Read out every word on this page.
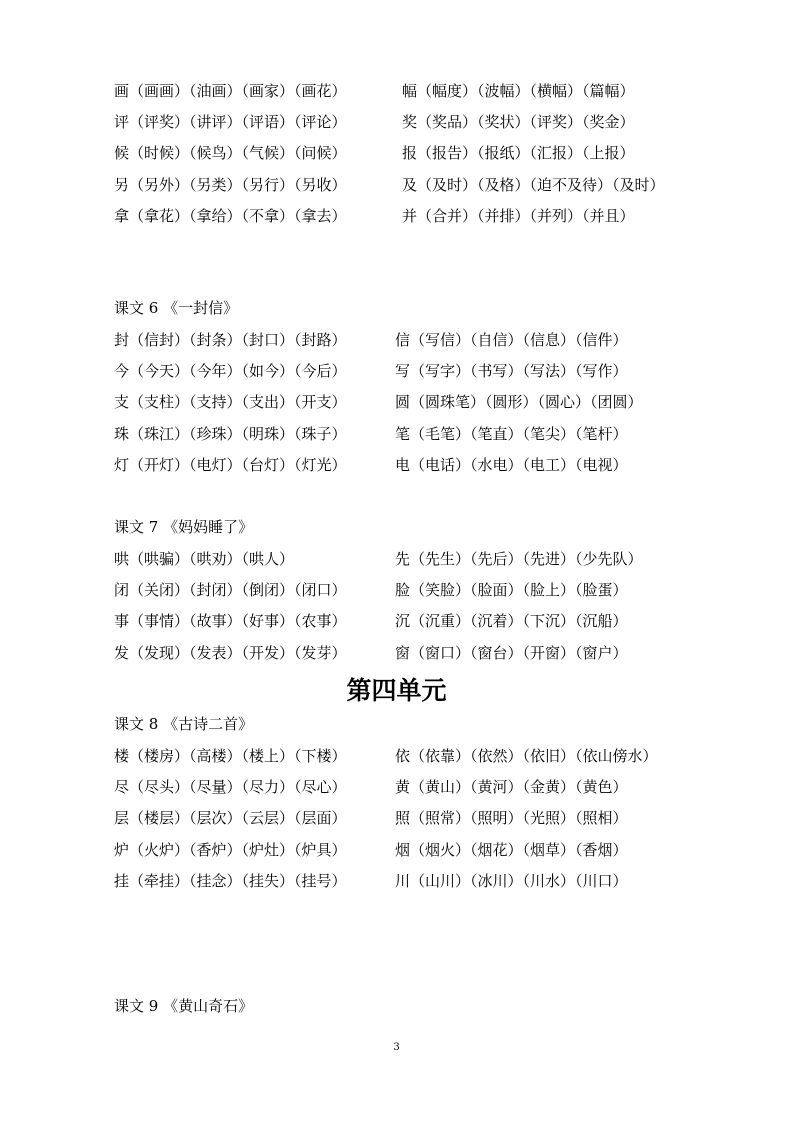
画（画画）（油画）（画家）（画花）	幅（幅度）（波幅）（横幅）（篇幅）
评（评奖）（讲评）（评语）（评论）	奖（奖品）（奖状）（评奖）（奖金）
候（时候）（候鸟）（气候）（问候）	报（报告）（报纸）（汇报）（上报）
另（另外）（另类）（另行）（另收）	及（及时）（及格）（迫不及待）（及时）
拿（拿花）（拿给）（不拿）（拿去）	并（合并）（并排）（并列）（并且）
课文 6 《一封信》
封（信封）（封条）（封口）（封路）	信（写信）（自信）（信息）（信件）
今（今天）（今年）（如今）（今后）	写（写字）（书写）（写法）（写作）
支（支柱）（支持）（支出）（开支）	圆（圆珠笔）（圆形）（圆心）（团圆）
珠（珠江）（珍珠）（明珠）（珠子）	笔（毛笔）（笔直）（笔尖）（笔杆）
灯（开灯）（电灯）（台灯）（灯光）	电（电话）（水电）（电工）（电视）
课文 7 《妈妈睡了》
哄（哄骗）（哄劝）（哄人）	先（先生）（先后）（先进）（少先队）
闭（关闭）（封闭）（倒闭）（闭口）	脸（笑脸）（脸面）（脸上）（脸蛋）
事（事情）（故事）（好事）（农事）	沉（沉重）（沉着）（下沉）（沉船）
发（发现）（发表）（开发）（发芽）	窗（窗口）（窗台）（开窗）（窗户）
第四单元
课文 8 《古诗二首》
楼（楼房）（高楼）（楼上）（下楼）	依（依靠）（依然）（依旧）（依山傍水）
尽（尽头）（尽量）（尽力）（尽心）	黄（黄山）（黄河）（金黄）（黄色）
层（楼层）（层次）（云层）（层面）	照（照常）（照明）（光照）（照相）
炉（火炉）（香炉）（炉灶）（炉具）	烟（烟火）（烟花）（烟草）（香烟）
挂（牵挂）（挂念）（挂失）（挂号）	川（山川）（冰川）（川水）（川口）
课文 9 《黄山奇石》
3
